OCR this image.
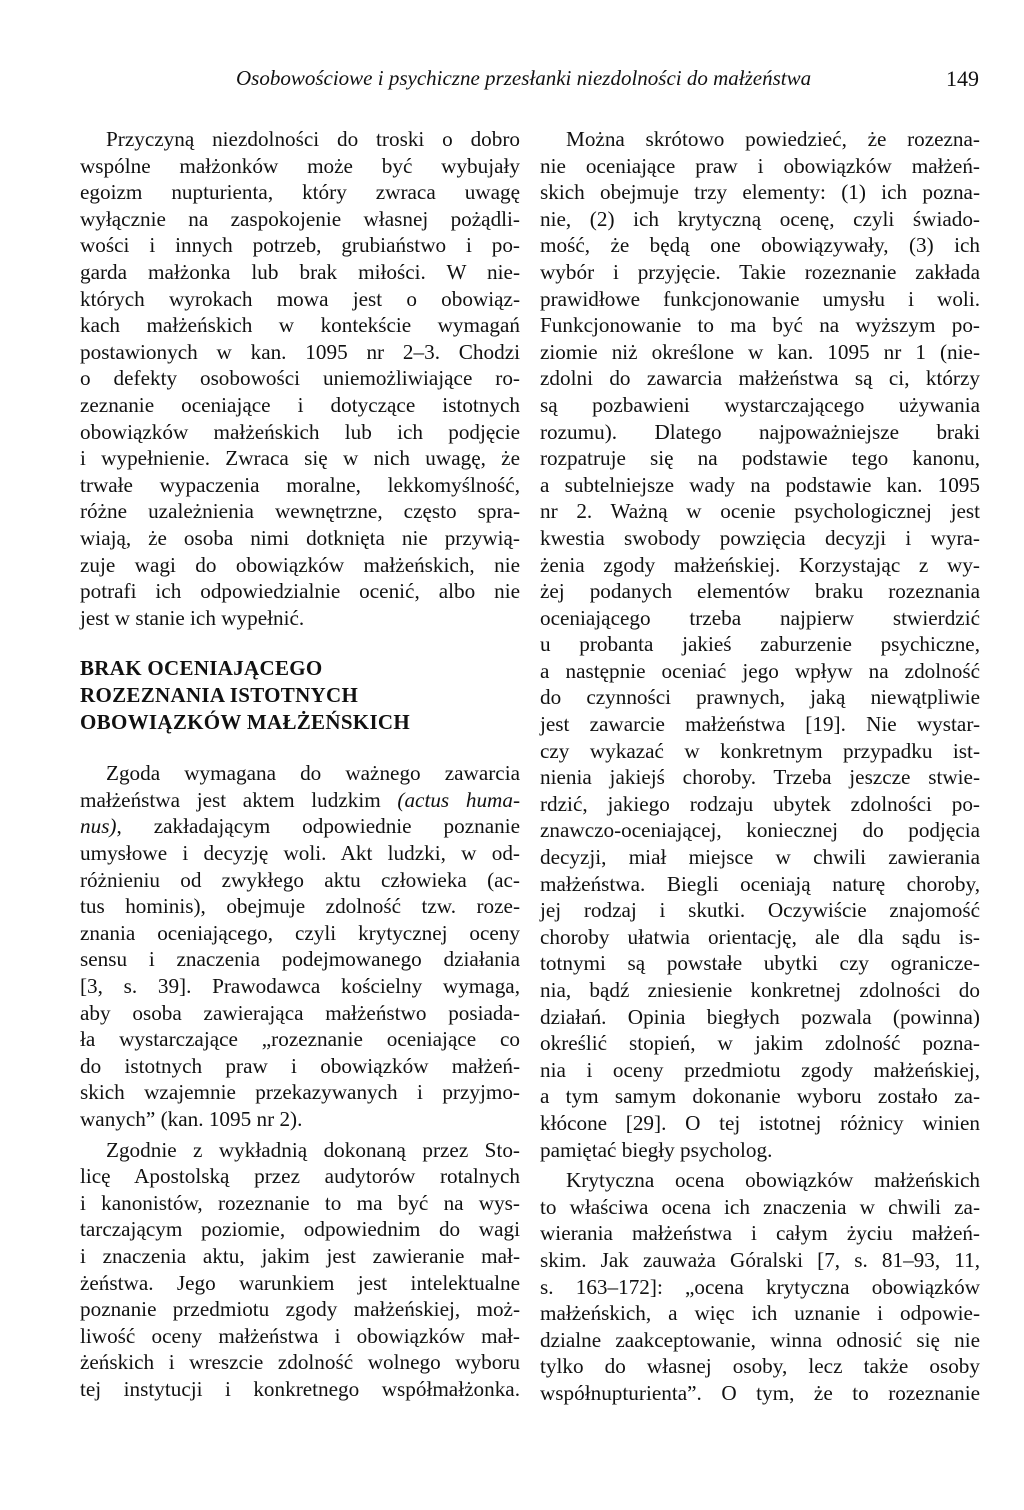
Osobowościowe i psychiczne przesłanki niezdolności do małżeństwa	149
Przyczyną niezdolności do troski o dobro
wspólne małżonków może być wybujały
egoizm nupturienta, który zwraca uwagę
wyłącznie na zaspokojenie własnej pożądli-
wości i innych potrzeb, grubiaństwo i po-
garda małżonka lub brak miłości. W nie-
których wyrokach mowa jest o obowiąz-
kach małżeńskich w kontekście wymagań
postawionych w kan. 1095 nr 2–3. Chodzi
o defekty osobowości uniemożliwiające ro-
zeznanie oceniające i dotyczące istotnych
obowiązków małżeńskich lub ich podjęcie
i wypełnienie. Zwraca się w nich uwagę, że
trwałe wypaczenia moralne, lekkomyślność,
różne uzależnienia wewnętrzne, często spra-
wiają, że osoba nimi dotknięta nie przywią-
zuje wagi do obowiązków małżeńskich, nie
potrafi ich odpowiedzialnie ocenić, albo nie
jest w stanie ich wypełnić.
BRAK OCENIAJĄCEGO
ROZEZNANIA ISTOTNYCH
OBOWIĄZKÓW MAŁŻEŃSKICH
Zgoda wymagana do ważnego zawarcia
małżeństwa jest aktem ludzkim (actus huma-
nus), zakładającym odpowiednie poznanie
umysłowe i decyzję woli. Akt ludzki, w od-
różnieniu od zwykłego aktu człowieka (ac-
tus hominis), obejmuje zdolność tzw. roze-
znania oceniającego, czyli krytycznej oceny
sensu i znaczenia podejmowanego działania
[3, s. 39]. Prawodawca kościelny wymaga,
aby osoba zawierająca małżeństwo posiada-
ła wystarczające „rozeznanie oceniające co
do istotnych praw i obowiązków małżeń-
skich wzajemnie przekazywanych i przyjmo-
wanych” (kan. 1095 nr 2).
Zgodnie z wykładnią dokonaną przez Sto-
licę Apostolską przez audytorów rotalnych
i kanonistów, rozeznanie to ma być na wys-
tarczającym poziomie, odpowiednim do wagi
i znaczenia aktu, jakim jest zawieranie mał-
żeństwa. Jego warunkiem jest intelektualne
poznanie przedmiotu zgody małżeńskiej, moż-
liwość oceny małżeństwa i obowiązków mał-
żeńskich i wreszcie zdolność wolnego wyboru
tej instytucji i konkretnego współmałżonka.
Można skrótowo powiedzieć, że rozezna-
nie oceniające praw i obowiązków małżeń-
skich obejmuje trzy elementy: (1) ich pozna-
nie, (2) ich krytyczną ocenę, czyli świado-
mość, że będą one obowiązywały, (3) ich
wybór i przyjęcie. Takie rozeznanie zakłada
prawidłowe funkcjonowanie umysłu i woli.
Funkcjonowanie to ma być na wyższym po-
ziomie niż określone w kan. 1095 nr 1 (nie-
zdolni do zawarcia małżeństwa są ci, którzy
są pozbawieni wystarczającego używania
rozumu). Dlatego najpoważniejsze braki
rozpatruje się na podstawie tego kanonu,
a subtelniejsze wady na podstawie kan. 1095
nr 2. Ważną w ocenie psychologicznej jest
kwestia swobody powzięcia decyzji i wyra-
żenia zgody małżeńskiej. Korzystając z wy-
żej podanych elementów braku rozeznania
oceniającego trzeba najpierw stwierdzić
u probanta jakieś zaburzenie psychiczne,
a następnie oceniać jego wpływ na zdolność
do czynności prawnych, jaką niewątpliwie
jest zawarcie małżeństwa [19]. Nie wystar-
czy wykazać w konkretnym przypadku ist-
nienia jakiejś choroby. Trzeba jeszcze stwie-
rdzić, jakiego rodzaju ubytek zdolności po-
znawczo-oceniającej, koniecznej do podjęcia
decyzji, miał miejsce w chwili zawierania
małżeństwa. Biegli oceniają naturę choroby,
jej rodzaj i skutki. Oczywiście znajomość
choroby ułatwia orientację, ale dla sądu is-
totnymi są powstałe ubytki czy ogranicze-
nia, bądź zniesienie konkretnej zdolności do
działań. Opinia biegłych pozwala (powinna)
określić stopień, w jakim zdolność pozna-
nia i oceny przedmiotu zgody małżeńskiej,
a tym samym dokonanie wyboru zostało za-
kłócone [29]. O tej istotnej różnicy winien
pamiętać biegły psycholog.
Krytyczna ocena obowiązków małżeńskich
to właściwa ocena ich znaczenia w chwili za-
wierania małżeństwa i całym życiu małżeń-
skim. Jak zauważa Góralski [7, s. 81–93, 11,
s. 163–172]: „ocena krytyczna obowiązków
małżeńskich, a więc ich uznanie i odpowie-
dzialne zaakceptowanie, winna odnosić się nie
tylko do własnej osoby, lecz także osoby
współnupturienta”. O tym, że to rozeznanie
